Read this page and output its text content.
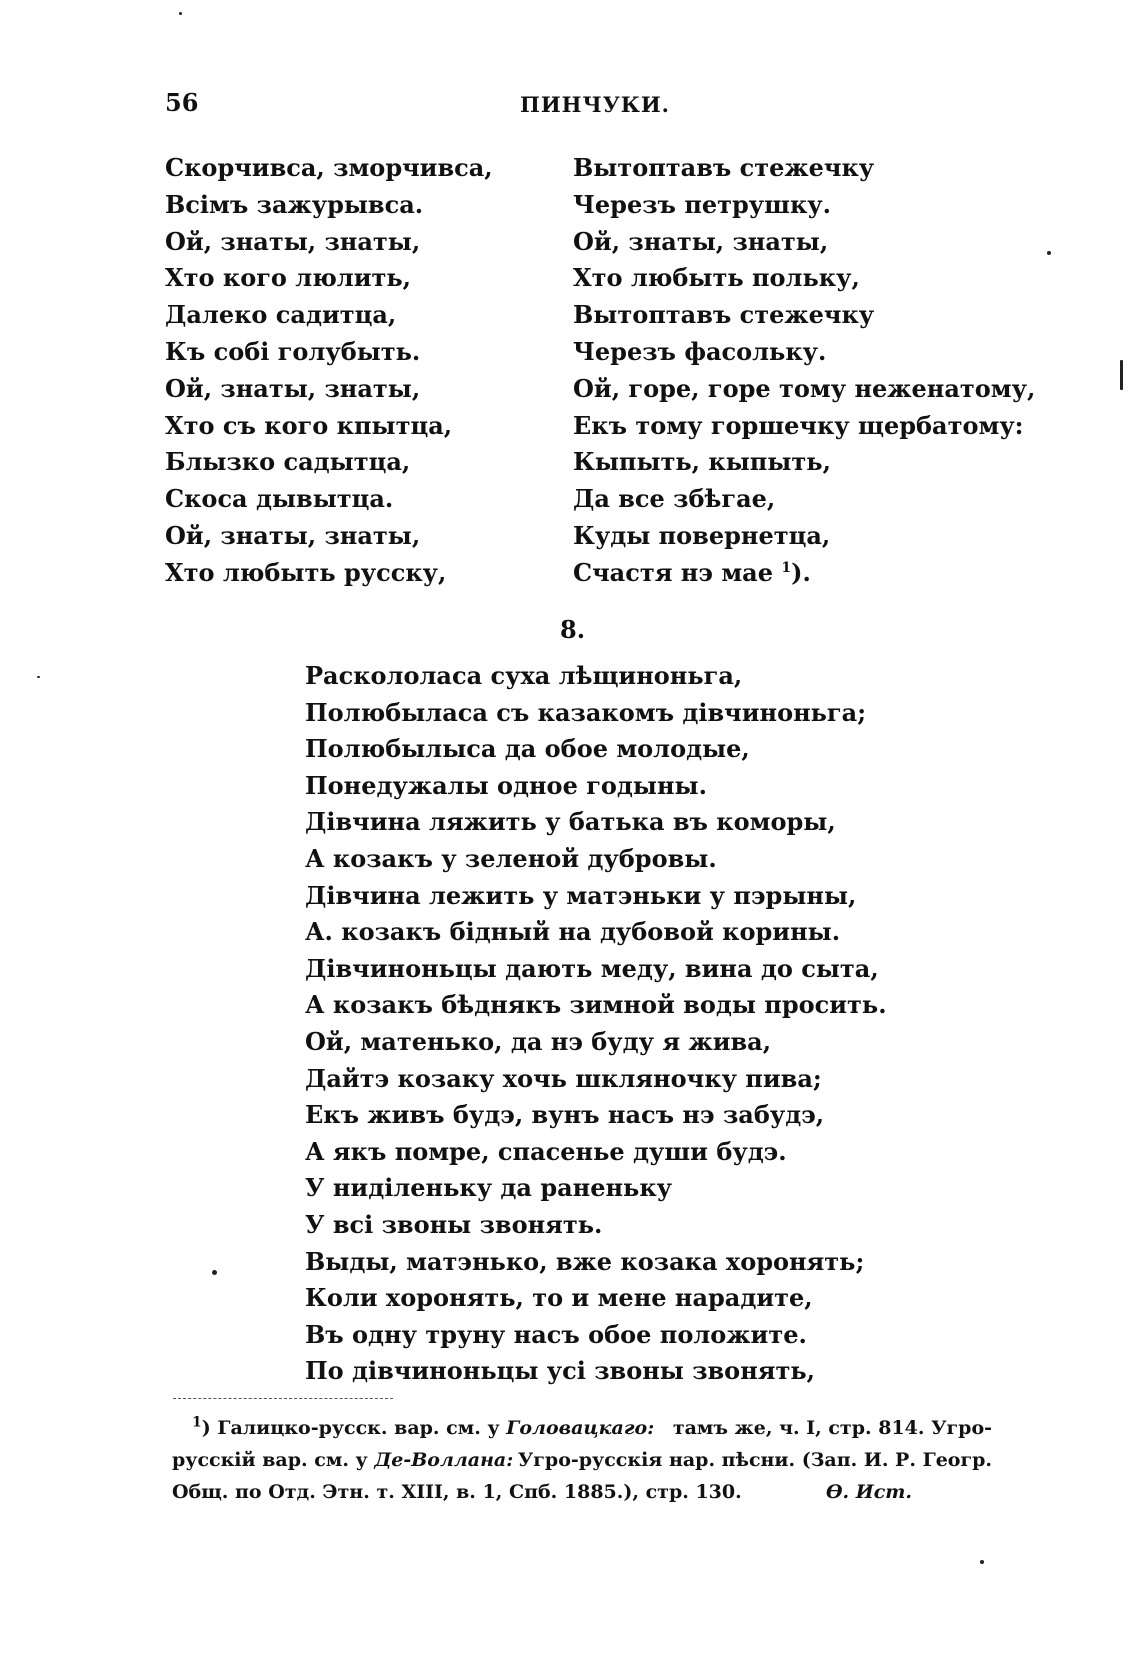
56	ПИНЧУКИ.
Скорчивса, зморчивса,
Всімъ зажурывса.
Ой, знаты, знаты,
Хто кого люлить,
Далеко садитца,
Къ собі голубыть.
Ой, знаты, знаты,
Хто съ кого кпытца,
Блызко садытца,
Скоса дывытца.
Ой, знаты, знаты,
Хто любыть русску,
Вытоптавъ стежечку
Черезъ петрушку.
Ой, знаты, знаты,
Хто любыть польку,
Вытоптавъ стежечку
Черезъ фасольку.
Ой, горе, горе тому неженатому,
Екъ тому горшечку щербатому:
Кыпыть, кыпыть,
Да все збѣгае,
Куды повернетца,
Счастя нэ мае $^1$).
8.
Раскололаса суха лѣщиноньга,
Полюбылаcа съ казакомъ дівчиноньга;
Полюбылыса да обое молодые,
Понедужалы одное годыны.
Дівчина ляжить у батька въ коморы,
А козакъ у зеленой дубровы.
Дівчина лежить у матэньки у пэрыны,
А. козакъ бідный на дубовой корины.
Дівчиноньцы дають меду, вина до сыта,
А козакъ бѣднякъ зимной воды просить.
Ой, матенько, да нэ буду я жива,
Дайтэ козаку хочь шкляночку пива;
Екъ живъ будэ, вунъ насъ нэ забудэ,
А якъ помре, спасенье души будэ.
У ниділеньку да раненьку
У всі звоны звонять.
Выды, матэнько, вже козака хоронять;
Коли хоронять, то и мене нарадите,
Въ одну труну насъ обое положите.
По дівчиноньцы усі звоны звонять,
$^1$) Галицко-русск. вар. см. у Головацкаго: тамъ же, ч. I, стр. 814. Угро-
русскій вар. см. у Де-Воллана: Угро-русскія нар. пѣсни. (Зап. И. Р. Геогр.
Общ. по Отд. Этн. т. XIII, в. 1, Спб. 1885.), стр. 130.	Ѳ. Ист.
